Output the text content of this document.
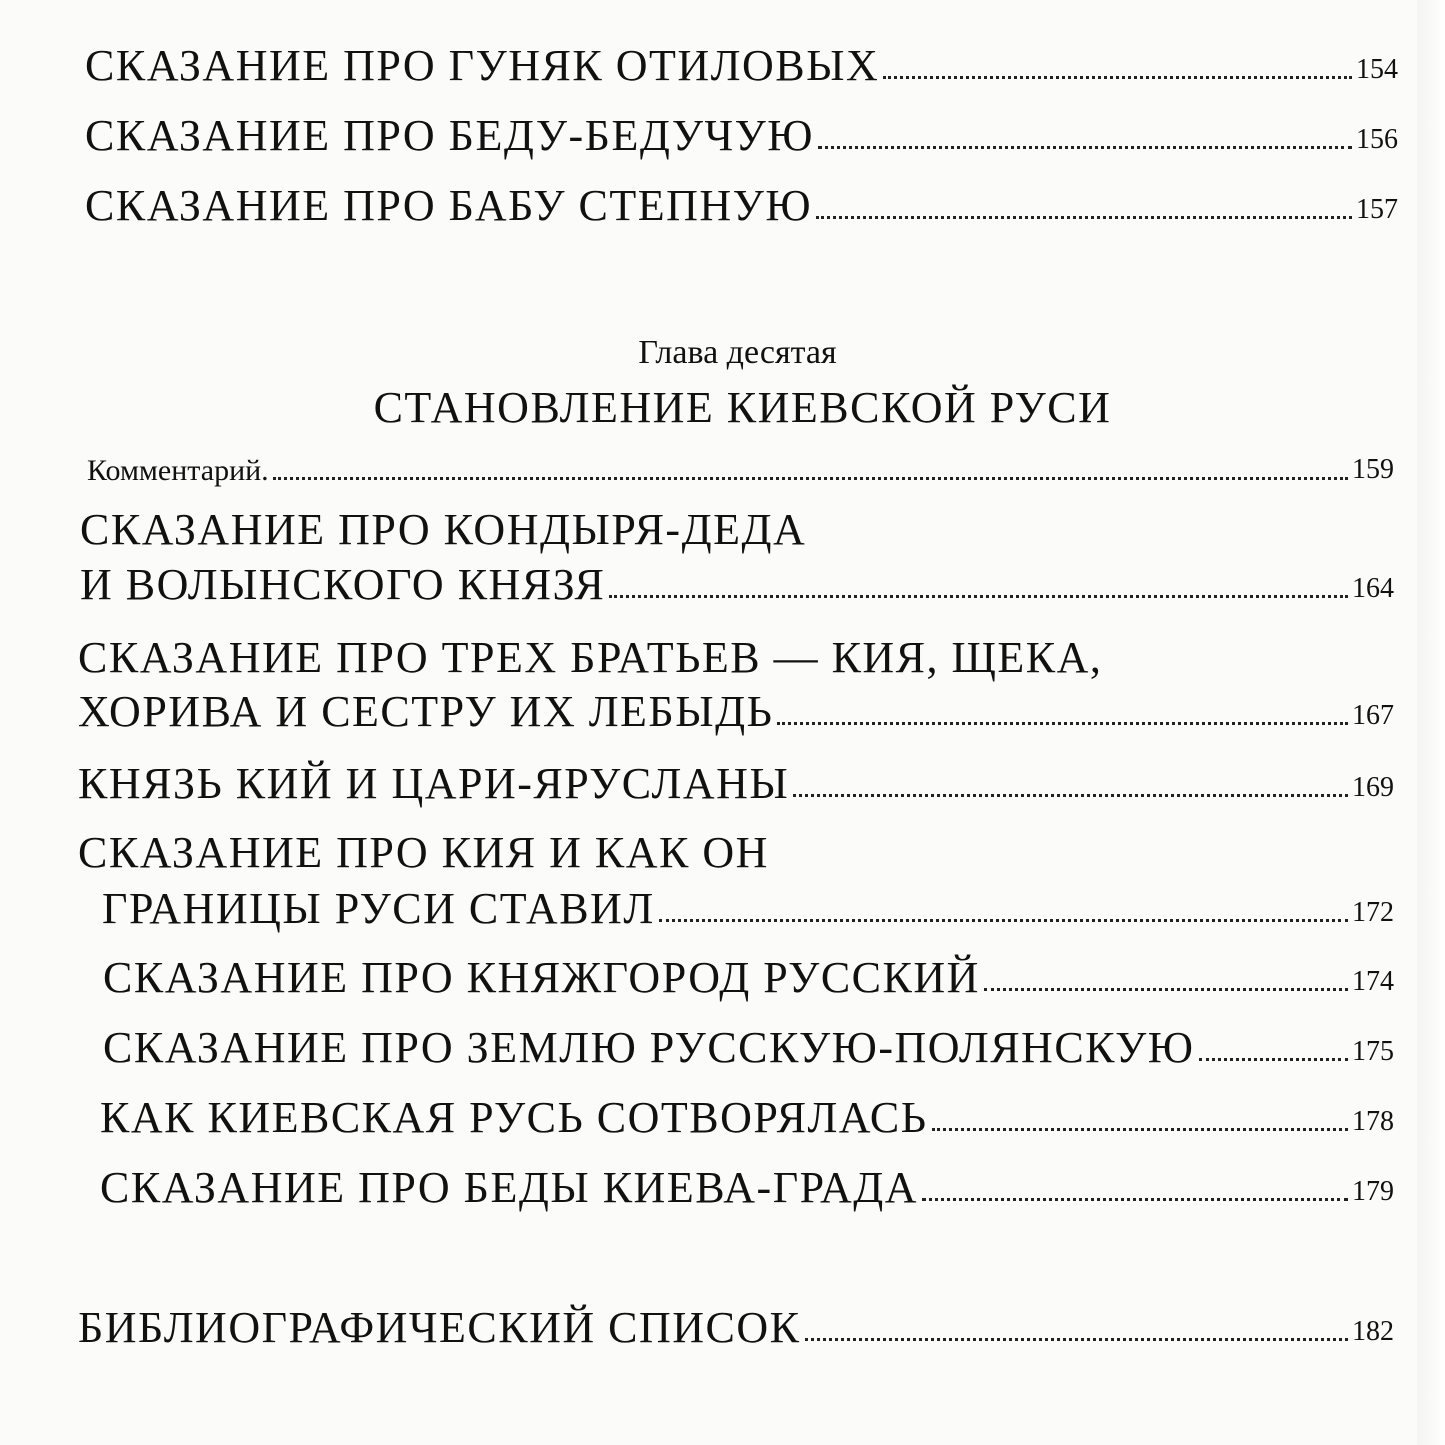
СКАЗАНИЕ ПРО ГУНЯК ОТИЛОВЫХ	154
СКАЗАНИЕ ПРО БЕДУ-БЕДУЧУЮ	156
СКАЗАНИЕ ПРО БАБУ СТЕПНУЮ	157
Глава десятая
СТАНОВЛЕНИЕ КИЕВСКОЙ РУСИ
Комментарий.	159
СКАЗАНИЕ ПРО КОНДЫРЯ-ДЕДА
И ВОЛЫНСКОГО КНЯЗЯ	164
СКАЗАНИЕ ПРО ТРЕХ БРАТЬЕВ — КИЯ, ЩЕКА,
ХОРИВА И СЕСТРУ ИХ ЛЕБЫДЬ	167
КНЯЗЬ КИЙ И ЦАРИ-ЯРУСЛАНЫ	169
СКАЗАНИЕ ПРО КИЯ И КАК ОН
ГРАНИЦЫ РУСИ СТАВИЛ	172
СКАЗАНИЕ ПРО КНЯЖГОРОД РУССКИЙ	174
СКАЗАНИЕ ПРО ЗЕМЛЮ РУССКУЮ-ПОЛЯНСКУЮ	175
КАК КИЕВСКАЯ РУСЬ СОТВОРЯЛАСЬ	178
СКАЗАНИЕ ПРО БЕДЫ КИЕВА-ГРАДА	179
БИБЛИОГРАФИЧЕСКИЙ СПИСОК	182
